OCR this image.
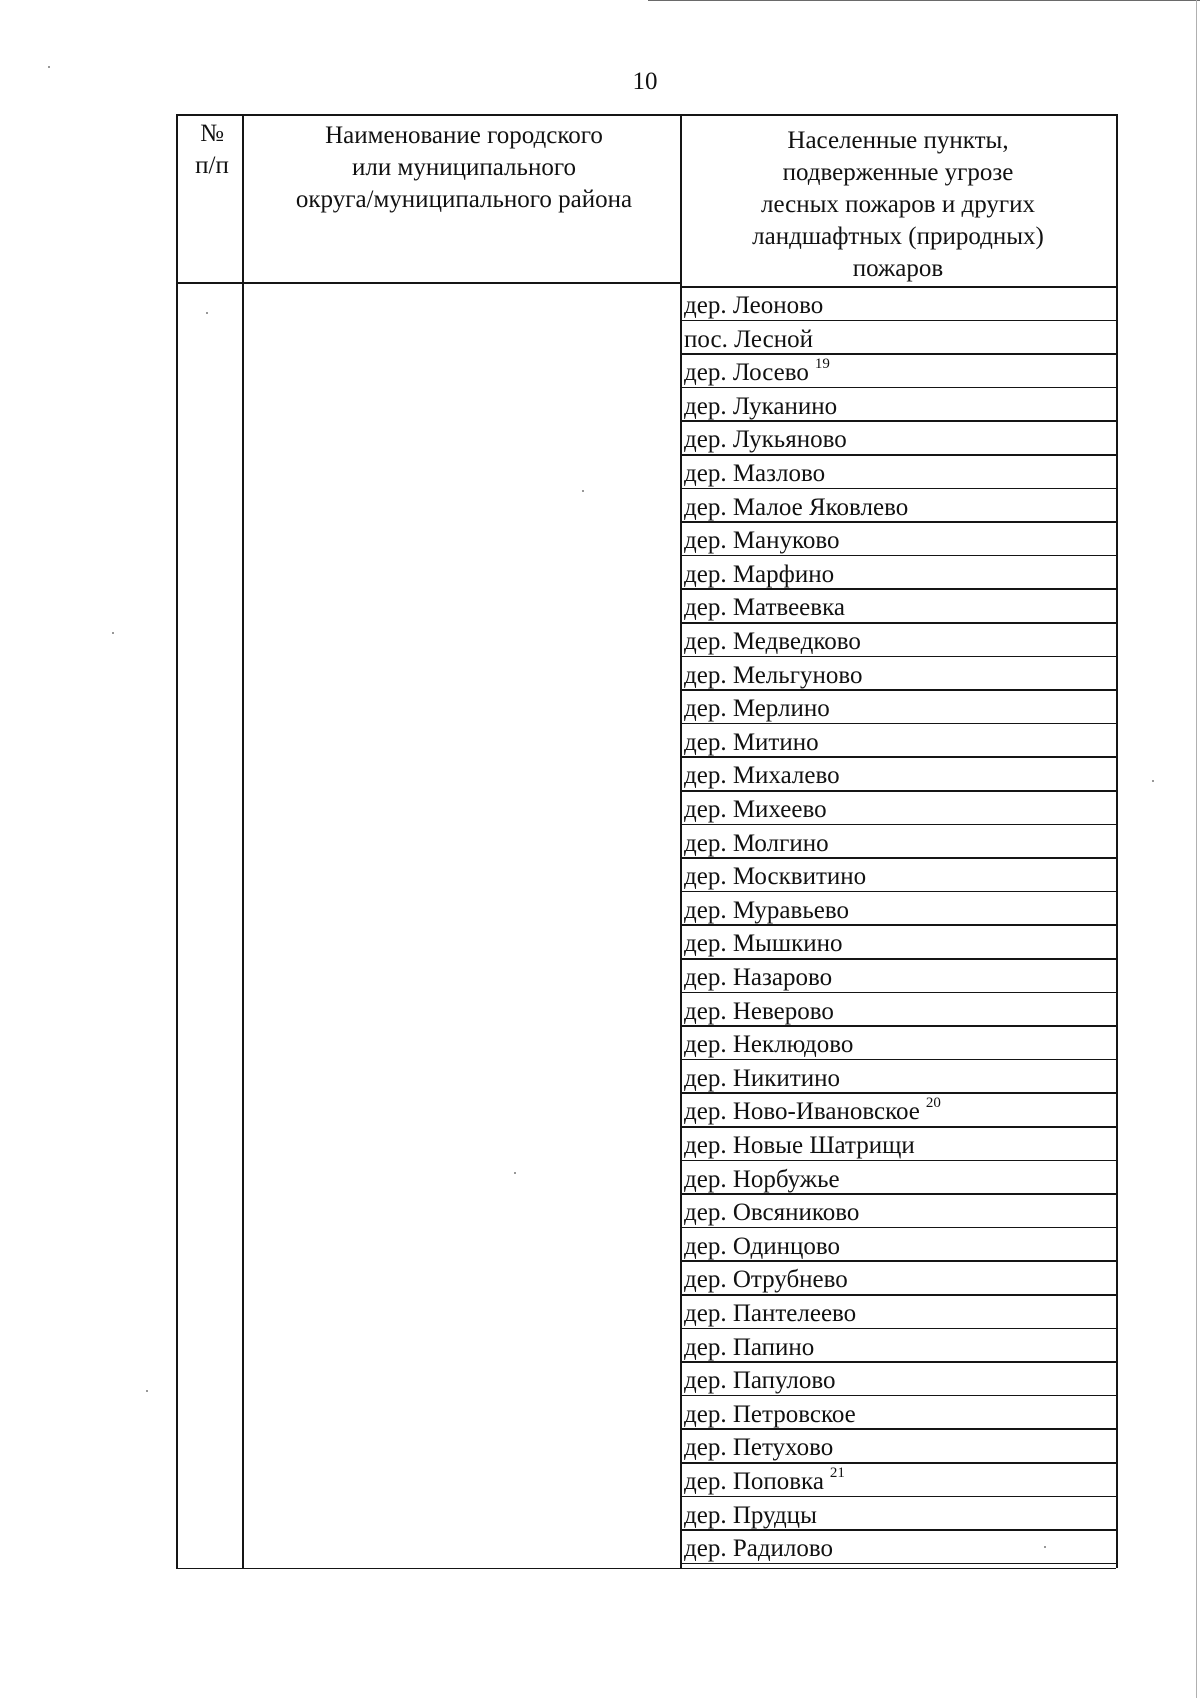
10
№
п/п
Наименование городского
или муниципального
округа/муниципального района
Населенные пункты,
подверженные угрозе
лесных пожаров и других
ландшафтных (природных)
пожаров
дер. Леоново
пос. Лесной
дер. Лосево $^{19}$
дер. Луканино
дер. Лукьяново
дер. Мазлово
дер. Малое Яковлево
дер. Мануково
дер. Марфино
дер. Матвеевка
дер. Медведково
дер. Мельгуново
дер. Мерлино
дер. Митино
дер. Михалево
дер. Михеево
дер. Молгино
дер. Москвитино
дер. Муравьево
дер. Мышкино
дер. Назарово
дер. Неверово
дер. Неклюдово
дер. Никитино
дер. Ново-Ивановское $^{20}$
дер. Новые Шатрищи
дер. Норбужье
дер. Овсяниково
дер. Одинцово
дер. Отрубнево
дер. Пантелеево
дер. Папино
дер. Папулово
дер. Петровское
дер. Петухово
дер. Поповка $^{21}$
дер. Прудцы
дер. Радилово
